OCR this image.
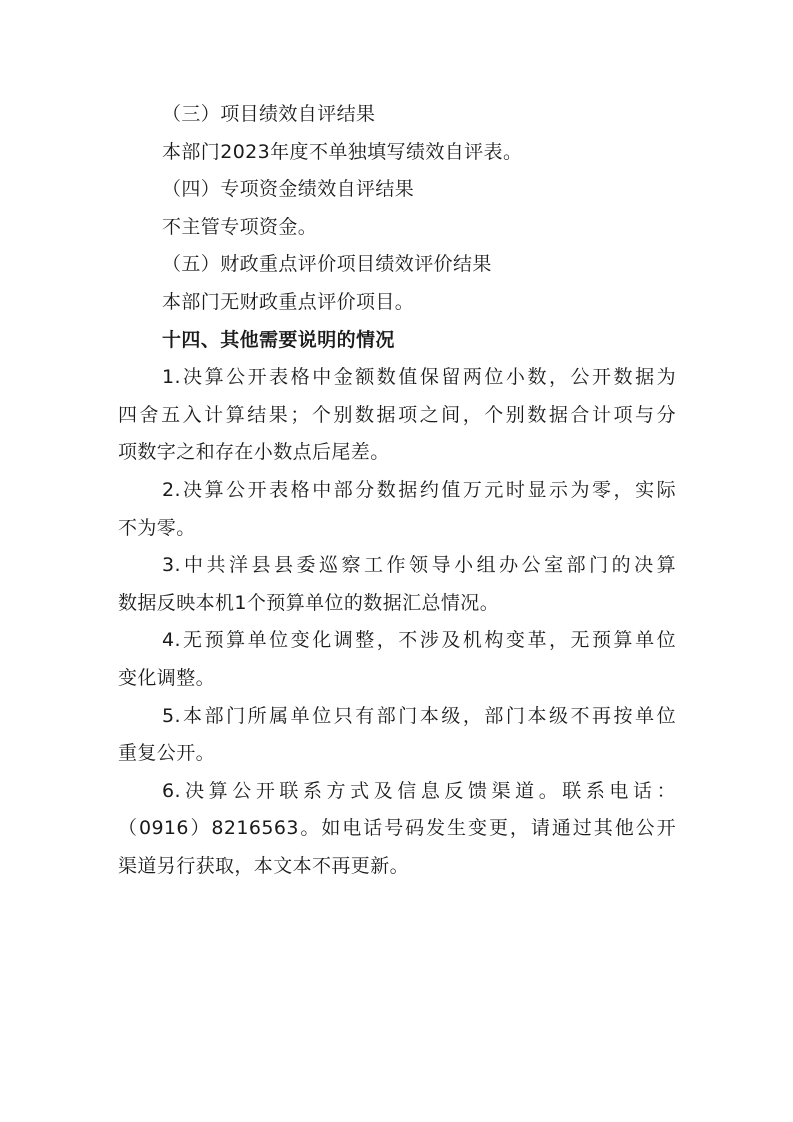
（三）项目绩效自评结果

本部门2023年度不单独填写绩效自评表。

（四）专项资金绩效自评结果

不主管专项资金。

（五）财政重点评价项目绩效评价结果

本部门无财政重点评价项目。

十四、其他需要说明的情况

1.决算公开表格中金额数值保留两位小数，公开数据为

四舍五入计算结果；个别数据项之间，个别数据合计项与分

项数字之和存在小数点后尾差。

2.决算公开表格中部分数据约值万元时显示为零，实际

不为零。

3.中共洋县县委巡察工作领导小组办公室部门的决算

数据反映本机1个预算单位的数据汇总情况。

4.无预算单位变化调整，不涉及机构变革，无预算单位

变化调整。

5.本部门所属单位只有部门本级，部门本级不再按单位

重复公开。

6.决算公开联系方式及信息反馈渠道。联系电话：

（0916）8216563。如电话号码发生变更，请通过其他公开

渠道另行获取，本文本不再更新。
